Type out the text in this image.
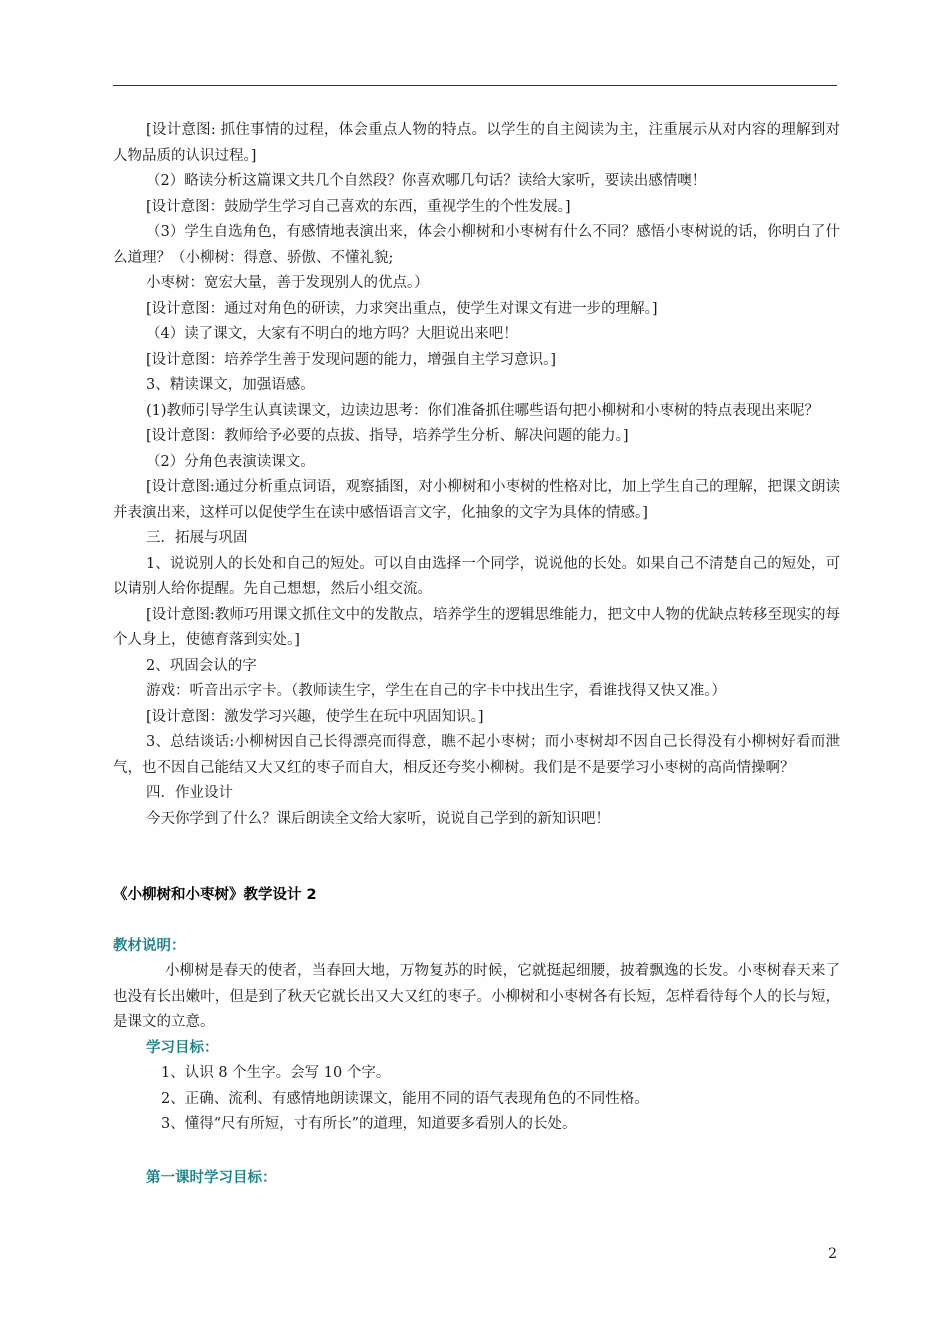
[设计意图: 抓住事情的过程，体会重点人物的特点。以学生的自主阅读为主，注重展示从对内容的理解到对人物品质的认识过程。]

（2）略读分析这篇课文共几个自然段？你喜欢哪几句话？读给大家听，要读出感情噢！

[设计意图：鼓励学生学习自己喜欢的东西，重视学生的个性发展。]

（3）学生自选角色，有感情地表演出来，体会小柳树和小枣树有什么不同？感悟小枣树说的话，你明白了什么道理？（小柳树：得意、骄傲、不懂礼貌;

小枣树：宽宏大量，善于发现别人的优点。）

[设计意图：通过对角色的研读，力求突出重点，使学生对课文有进一步的理解。]

（4）读了课文，大家有不明白的地方吗？大胆说出来吧！

[设计意图：培养学生善于发现问题的能力，增强自主学习意识。]

3、精读课文，加强语感。

(1)教师引导学生认真读课文，边读边思考：你们准备抓住哪些语句把小柳树和小枣树的特点表现出来呢？

[设计意图：教师给予必要的点拔、指导，培养学生分析、解决问题的能力。]

（2）分角色表演读课文。

[设计意图:通过分析重点词语，观察插图，对小柳树和小枣树的性格对比，加上学生自己的理解，把课文朗读并表演出来，这样可以促使学生在读中感悟语言文字，化抽象的文字为具体的情感。]

三．拓展与巩固

1、说说别人的长处和自己的短处。可以自由选择一个同学，说说他的长处。如果自己不清楚自己的短处，可以请别人给你提醒。先自己想想，然后小组交流。

[设计意图:教师巧用课文抓住文中的发散点，培养学生的逻辑思维能力，把文中人物的优缺点转移至现实的每个人身上，使德育落到实处。]

2、巩固会认的字

游戏：听音出示字卡。（教师读生字，学生在自己的字卡中找出生字，看谁找得又快又准。）

[设计意图：激发学习兴趣，使学生在玩中巩固知识。]

3、总结谈话:小柳树因自己长得漂亮而得意，瞧不起小枣树；而小枣树却不因自己长得没有小柳树好看而泄气，也不因自己能结又大又红的枣子而自大，相反还夸奖小柳树。我们是不是要学习小枣树的高尚情操啊？

四．作业设计

今天你学到了什么？课后朗读全文给大家听，说说自己学到的新知识吧！

《小柳树和小枣树》教学设计 2

教材说明：

小柳树是春天的使者，当春回大地，万物复苏的时候，它就挺起细腰，披着飘逸的长发。小枣树春天来了也没有长出嫩叶，但是到了秋天它就长出又大又红的枣子。小柳树和小枣树各有长短，怎样看待每个人的长与短，是课文的立意。

学习目标：

1、认识 8 个生字。会写 10 个字。

2、正确、流利、有感情地朗读课文，能用不同的语气表现角色的不同性格。

3、懂得“尺有所短，寸有所长”的道理，知道要多看别人的长处。

第一课时学习目标：

2
